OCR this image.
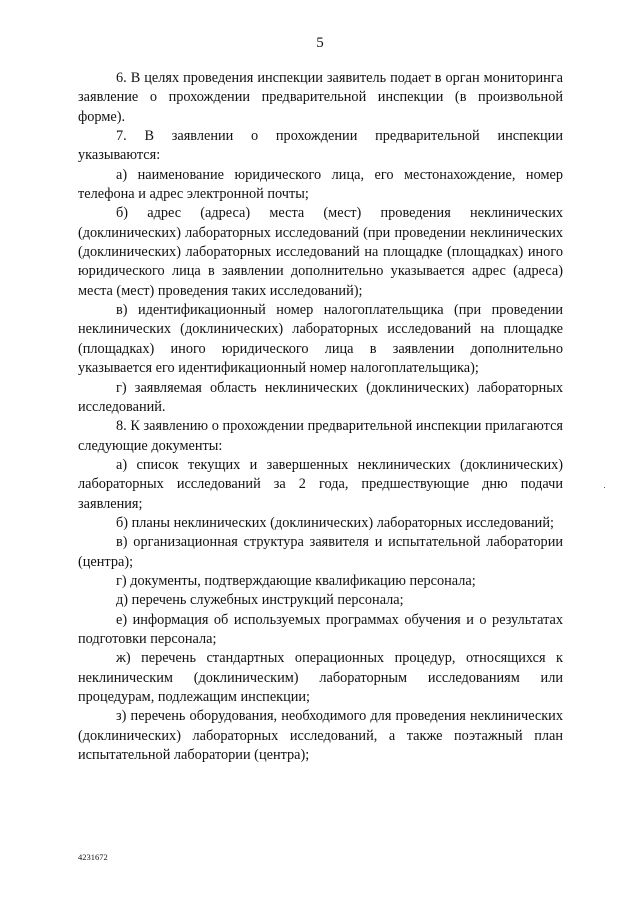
5

6. В целях проведения инспекции заявитель подает в орган мониторинга заявление о прохождении предварительной инспекции (в произвольной форме).

7. В заявлении о прохождении предварительной инспекции указываются:

а) наименование юридического лица, его местонахождение, номер телефона и адрес электронной почты;

б) адрес (адреса) места (мест) проведения неклинических (доклинических) лабораторных исследований (при проведении неклинических (доклинических) лабораторных исследований на площадке (площадках) иного юридического лица в заявлении дополнительно указывается адрес (адреса) места (мест) проведения таких исследований);

в) идентификационный номер налогоплательщика (при проведении неклинических (доклинических) лабораторных исследований на площадке (площадках) иного юридического лица в заявлении дополнительно указывается его идентификационный номер налогоплательщика);

г) заявляемая область неклинических (доклинических) лабораторных исследований.

8. К заявлению о прохождении предварительной инспекции прилагаются следующие документы:

а) список текущих и завершенных неклинических (доклинических) лабораторных исследований за 2 года, предшествующие дню подачи заявления;

б) планы неклинических (доклинических) лабораторных исследований;

в) организационная структура заявителя и испытательной лаборатории (центра);

г) документы, подтверждающие квалификацию персонала;

д) перечень служебных инструкций персонала;

е) информация об используемых программах обучения и о результатах подготовки персонала;

ж) перечень стандартных операционных процедур, относящихся к неклиническим (доклиническим) лабораторным исследованиям или процедурам, подлежащим инспекции;

з) перечень оборудования, необходимого для проведения неклинических (доклинических) лабораторных исследований, а также поэтажный план испытательной лаборатории (центра);

4231672
